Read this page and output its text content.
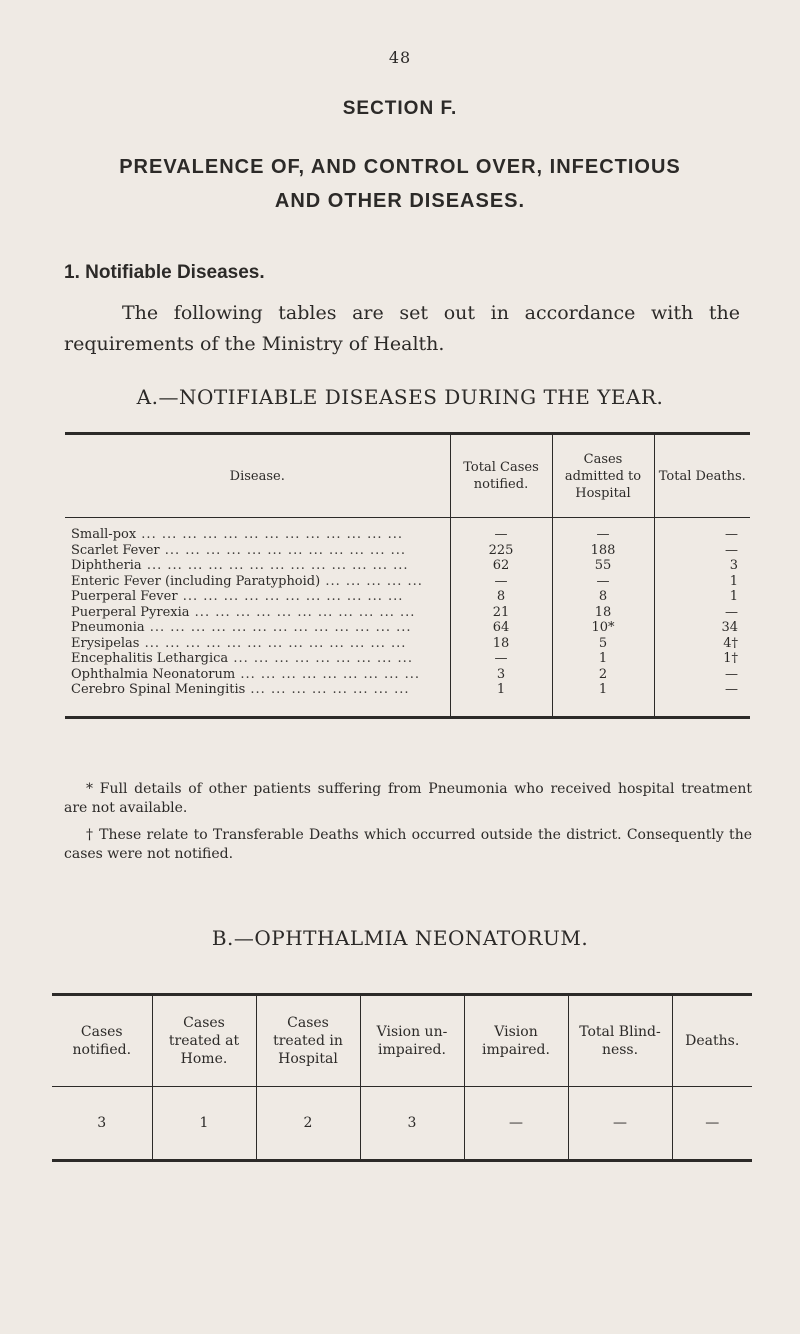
48
SECTION F.
PREVALENCE OF, AND CONTROL OVER, INFECTIOUS
AND OTHER DISEASES.
1. Notifiable Diseases.
The following tables are set out in accordance with the requirements of the Ministry of Health.
A.—NOTIFIABLE DISEASES DURING THE YEAR.
Disease.	Total Cases notified.	Cases admitted to Hospital	Total Deaths.
Small-pox ... ... ... ... ... ... ... ... ... ... ... ... ...	—	—	—
Scarlet Fever ... ... ... ... ... ... ... ... ... ... ... ...	225	188	—
Diphtheria ... ... ... ... ... ... ... ... ... ... ... ... ...	62	55	3
Enteric Fever (including Paratyphoid) ... ... ... ... ...	—	—	1
Puerperal Fever ... ... ... ... ... ... ... ... ... ... ...	8	8	1
Puerperal Pyrexia ... ... ... ... ... ... ... ... ... ... ...	21	18	—
Pneumonia ... ... ... ... ... ... ... ... ... ... ... ... ...	64	10*	34
Erysipelas ... ... ... ... ... ... ... ... ... ... ... ... ...	18	5	4†
Encephalitis Lethargica ... ... ... ... ... ... ... ... ...	—	1	1†
Ophthalmia Neonatorum ... ... ... ... ... ... ... ... ...	3	2	—
Cerebro Spinal Meningitis ... ... ... ... ... ... ... ...	1	1	—

* Full details of other patients suffering from Pneumonia who received hospital treatment are not available.

† These relate to Transferable Deaths which occurred outside the district. Consequently the cases were not notified.

B.—OPHTHALMIA NEONATORUM.
Cases notified.	Cases treated at Home.	Cases treated in Hospital	Vision un- impaired.	Vision impaired.	Total Blind- ness.	Deaths.
3	1	2	3	—	—	—
